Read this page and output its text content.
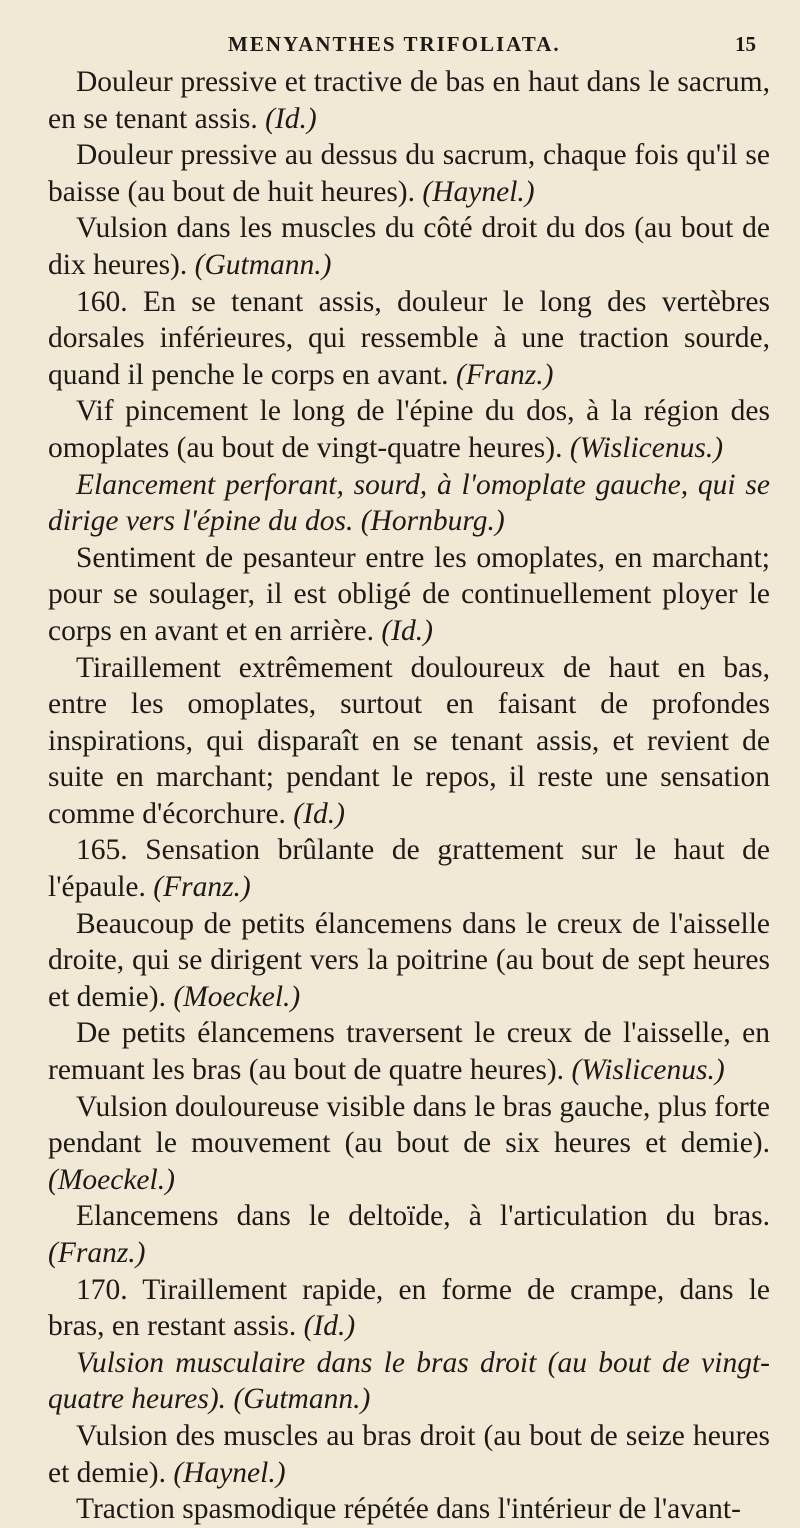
MENYANTHES TRIFOLIATA.	15

Douleur pressive et tractive de bas en haut dans le sacrum, en se tenant assis. (Id.)

Douleur pressive au dessus du sacrum, chaque fois qu'il se baisse (au bout de huit heures). (Haynel.)

Vulsion dans les muscles du côté droit du dos (au bout de dix heures). (Gutmann.)

160. En se tenant assis, douleur le long des vertèbres dorsales inférieures, qui ressemble à une traction sourde, quand il penche le corps en avant. (Franz.)

Vif pincement le long de l'épine du dos, à la région des omoplates (au bout de vingt-quatre heures). (Wislicenus.)

Elancement perforant, sourd, à l'omoplate gauche, qui se dirige vers l'épine du dos. (Hornburg.)

Sentiment de pesanteur entre les omoplates, en marchant; pour se soulager, il est obligé de continuellement ployer le corps en avant et en arrière. (Id.)

Tiraillement extrêmement douloureux de haut en bas, entre les omoplates, surtout en faisant de profondes inspirations, qui disparaît en se tenant assis, et revient de suite en marchant; pendant le repos, il reste une sensation comme d'écorchure. (Id.)

165. Sensation brûlante de grattement sur le haut de l'épaule. (Franz.)

Beaucoup de petits élancemens dans le creux de l'aisselle droite, qui se dirigent vers la poitrine (au bout de sept heures et demie). (Moeckel.)

De petits élancemens traversent le creux de l'aisselle, en remuant les bras (au bout de quatre heures). (Wislicenus.)

Vulsion douloureuse visible dans le bras gauche, plus forte pendant le mouvement (au bout de six heures et demie). (Moeckel.)

Elancemens dans le deltoïde, à l'articulation du bras. (Franz.)

170. Tiraillement rapide, en forme de crampe, dans le bras, en restant assis. (Id.)

Vulsion musculaire dans le bras droit (au bout de vingt-quatre heures). (Gutmann.)

Vulsion des muscles au bras droit (au bout de seize heures et demie). (Haynel.)

Traction spasmodique répétée dans l'intérieur de l'avant-
